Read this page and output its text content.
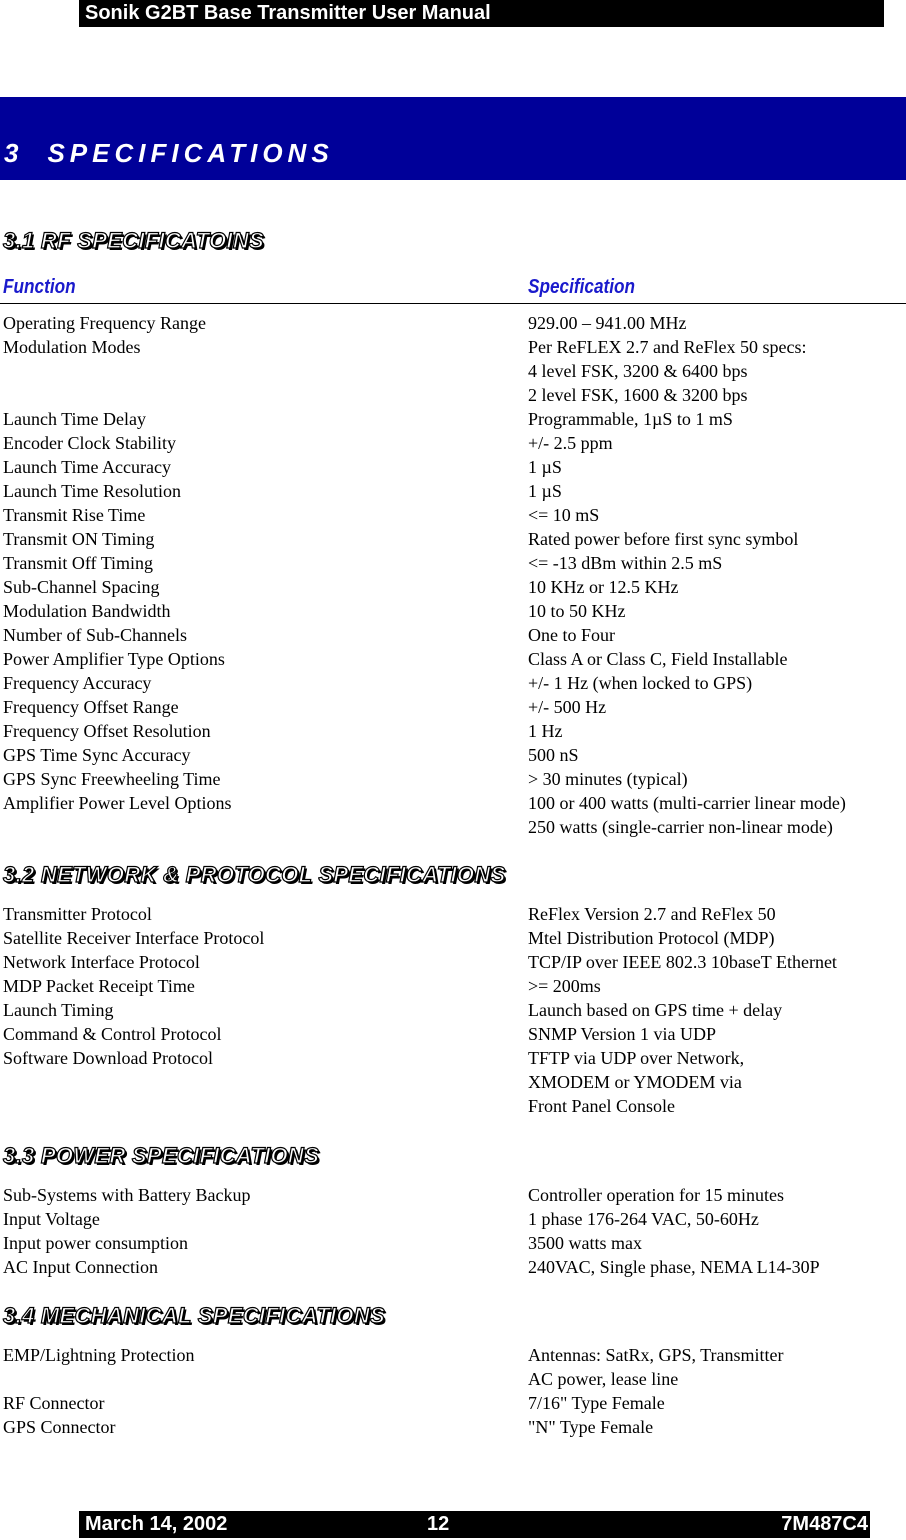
Sonik G2BT Base Transmitter User Manual
3 SPECIFICATIONS
3.1 RF SPECIFICATOINS
Function	Specification
Operating Frequency Range	929.00 – 941.00 MHz
Modulation Modes	Per ReFLEX 2.7 and ReFlex 50 specs:
4 level FSK, 3200 & 6400 bps
2 level FSK, 1600 & 3200 bps
Launch Time Delay	Programmable, 1µS to 1 mS
Encoder Clock Stability	+/- 2.5 ppm
Launch Time Accuracy	1 µS
Launch Time Resolution	1 µS
Transmit Rise Time	<= 10 mS
Transmit ON Timing	Rated power before first sync symbol
Transmit Off Timing	<= -13 dBm within 2.5 mS
Sub-Channel Spacing	10 KHz or 12.5 KHz
Modulation Bandwidth	10 to 50 KHz
Number of Sub-Channels	One to Four
Power Amplifier Type Options	Class A or Class C, Field Installable
Frequency Accuracy	+/- 1 Hz (when locked to GPS)
Frequency Offset Range	+/- 500 Hz
Frequency Offset Resolution	1 Hz
GPS Time Sync Accuracy	500 nS
GPS Sync Freewheeling Time	> 30 minutes (typical)
Amplifier Power Level Options	100 or 400 watts (multi-carrier linear mode)
250 watts (single-carrier non-linear mode)
3.2 NETWORK & PROTOCOL SPECIFICATIONS
Transmitter Protocol	ReFlex Version 2.7 and ReFlex 50
Satellite Receiver Interface Protocol	Mtel Distribution Protocol (MDP)
Network Interface Protocol	TCP/IP over IEEE 802.3 10baseT Ethernet
MDP Packet Receipt Time	>= 200ms
Launch Timing	Launch based on GPS time + delay
Command & Control Protocol	SNMP Version 1 via UDP
Software Download Protocol	TFTP via UDP over Network,
XMODEM or YMODEM via
Front Panel Console
3.3 POWER SPECIFICATIONS
Sub-Systems with Battery Backup	Controller operation for 15 minutes
Input Voltage	1 phase 176-264 VAC, 50-60Hz
Input power consumption	3500 watts max
AC Input Connection	240VAC, Single phase, NEMA L14-30P
3.4 MECHANICAL SPECIFICATIONS
EMP/Lightning Protection	Antennas: SatRx, GPS, Transmitter
AC power, lease line
RF Connector	7/16" Type Female
GPS Connector	"N" Type Female
March 14, 2002	12	7M487C4
